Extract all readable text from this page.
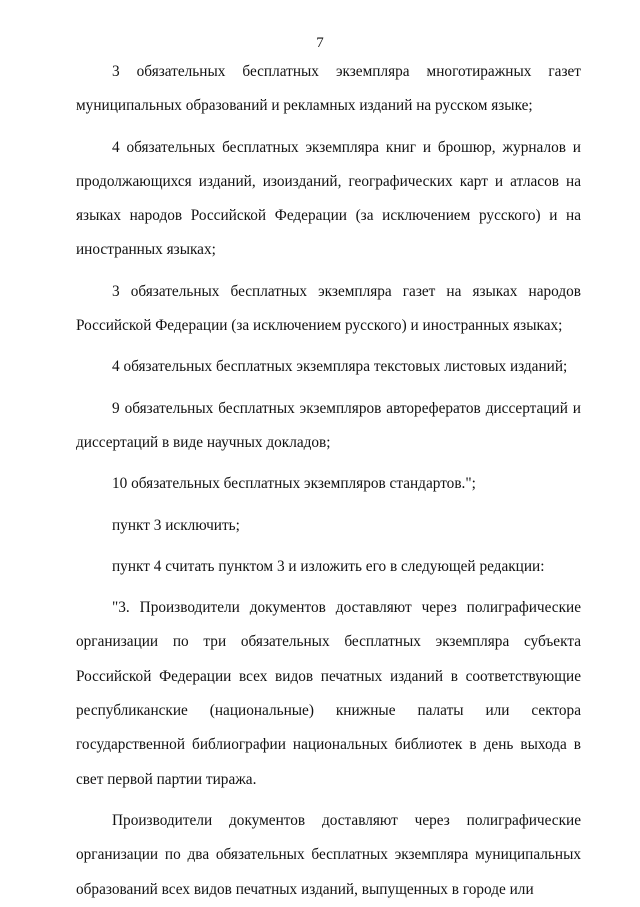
7

3 обязательных бесплатных экземпляра многотиражных газет муниципальных образований и рекламных изданий на русском языке;

4 обязательных бесплатных экземпляра книг и брошюр, журналов и продолжающихся изданий, изоизданий, географических карт и атласов на языках народов Российской Федерации (за исключением русского) и на иностранных языках;

3 обязательных бесплатных экземпляра газет на языках народов Российской Федерации (за исключением русского) и иностранных языках;

4 обязательных бесплатных экземпляра текстовых листовых изданий;

9 обязательных бесплатных экземпляров авторефератов диссертаций и диссертаций в виде научных докладов;

10 обязательных бесплатных экземпляров стандартов.";

пункт 3 исключить;

пункт 4 считать пунктом 3 и изложить его в следующей редакции:

"3. Производители документов доставляют через полиграфические организации по три обязательных бесплатных экземпляра субъекта Российской Федерации всех видов печатных изданий в соответствующие республиканские (национальные) книжные палаты или сектора государственной библиографии национальных библиотек в день выхода в свет первой партии тиража.

Производители документов доставляют через полиграфические организации по два обязательных бесплатных экземпляра муниципальных образований всех видов печатных изданий, выпущенных в городе или
